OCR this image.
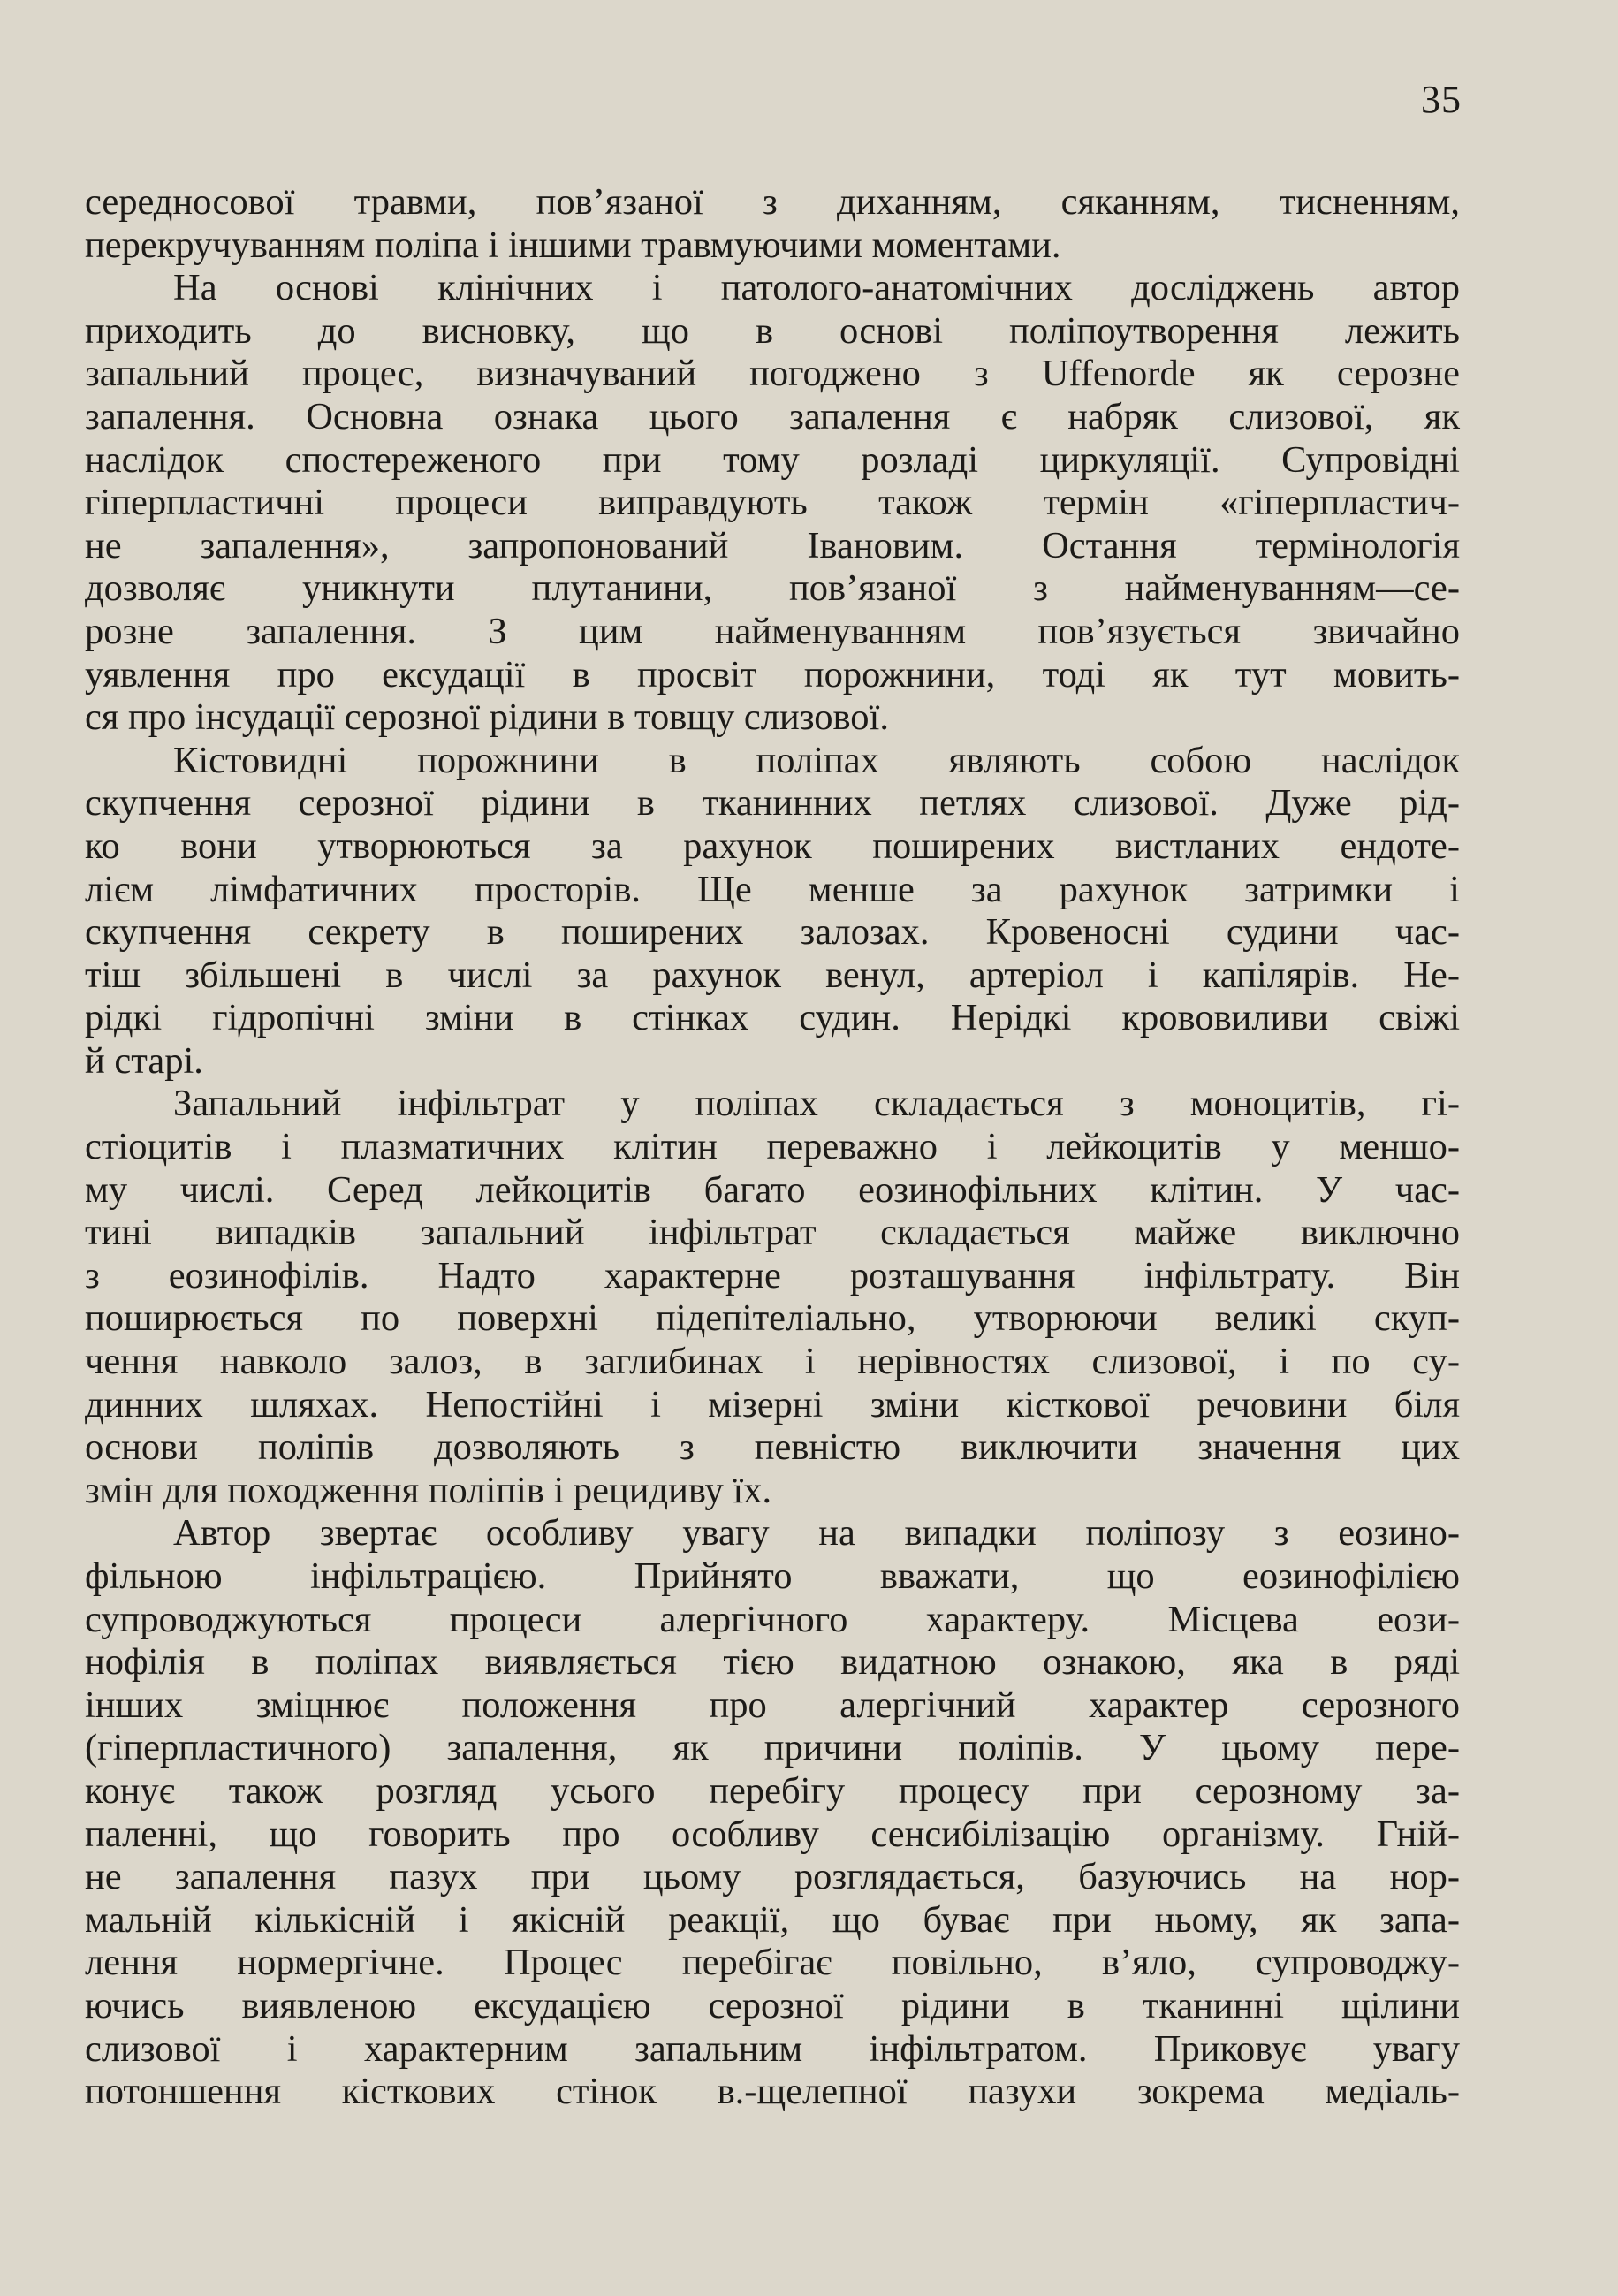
35
середносової травми, пов’язаної з диханням, сяканням, тисненням,
перекручуванням поліпа і іншими травмуючими моментами.
На основі клінічних і патолого-анатомічних досліджень автор
приходить до висновку, що в основі поліпоутворення лежить
запальний процес, визначуваний погоджено з Uffenorde як серозне
запалення. Основна ознака цього запалення є набряк слизової, як
наслідок спостереженого при тому розладі циркуляції. Супровідні
гіперпластичні процеси виправдують також термін «гіперпластич-
не запалення», запропонований Івановим. Остання термінологія
дозволяє уникнути плутанини, пов’язаної з найменуванням—се-
розне запалення. З цим найменуванням пов’язується звичайно
уявлення про ексудації в просвіт порожнини, тоді як тут мовить-
ся про інсудації серозної рідини в товщу слизової.
Кістовидні порожнини в поліпах являють собою наслідок
скупчення серозної рідини в тканинних петлях слизової. Дуже рід-
ко вони утворюються за рахунок поширених вистланих ендоте-
лієм лімфатичних просторів. Ще менше за рахунок затримки і
скупчення секрету в поширених залозах. Кровеносні судини час-
тіш збільшені в числі за рахунок венул, артеріол і капілярів. Не-
рідкі гідропічні зміни в стінках судин. Нерідкі крововиливи свіжі
й старі.
Запальний інфільтрат у поліпах складається з моноцитів, гі-
стіоцитів і плазматичних клітин переважно і лейкоцитів у меншо-
му числі. Серед лейкоцитів багато еозинофільних клітин. У час-
тині випадків запальний інфільтрат складається майже виключно
з еозинофілів. Надто характерне розташування інфільтрату. Він
поширюється по поверхні підепітеліально, утворюючи великі скуп-
чення навколо залоз, в заглибинах і нерівностях слизової, і по су-
динних шляхах. Непостійні і мізерні зміни кісткової речовини біля
основи поліпів дозволяють з певністю виключити значення цих
змін для походження поліпів і рецидиву їх.
Автор звертає особливу увагу на випадки поліпозу з еозино-
фільною інфільтрацією. Прийнято вважати, що еозинофілією
супроводжуються процеси алергічного характеру. Місцева еози-
нофілія в поліпах виявляється тією видатною ознакою, яка в ряді
інших зміцнює положення про алергічний характер серозного
(гіперпластичного) запалення, як причини поліпів. У цьому пере-
конує також розгляд усього перебігу процесу при серозному за-
паленні, що говорить про особливу сенсибілізацію організму. Гній-
не запалення пазух при цьому розглядається, базуючись на нор-
мальній кількісній і якісній реакції, що буває при ньому, як запа-
лення нормергічне. Процес перебігає повільно, в’яло, супроводжу-
ючись виявленою ексудацією серозної рідини в тканинні щілини
слизової і характерним запальним інфільтратом. Приковує увагу
потоншення кісткових стінок в.-щелепної пазухи зокрема медіаль-
